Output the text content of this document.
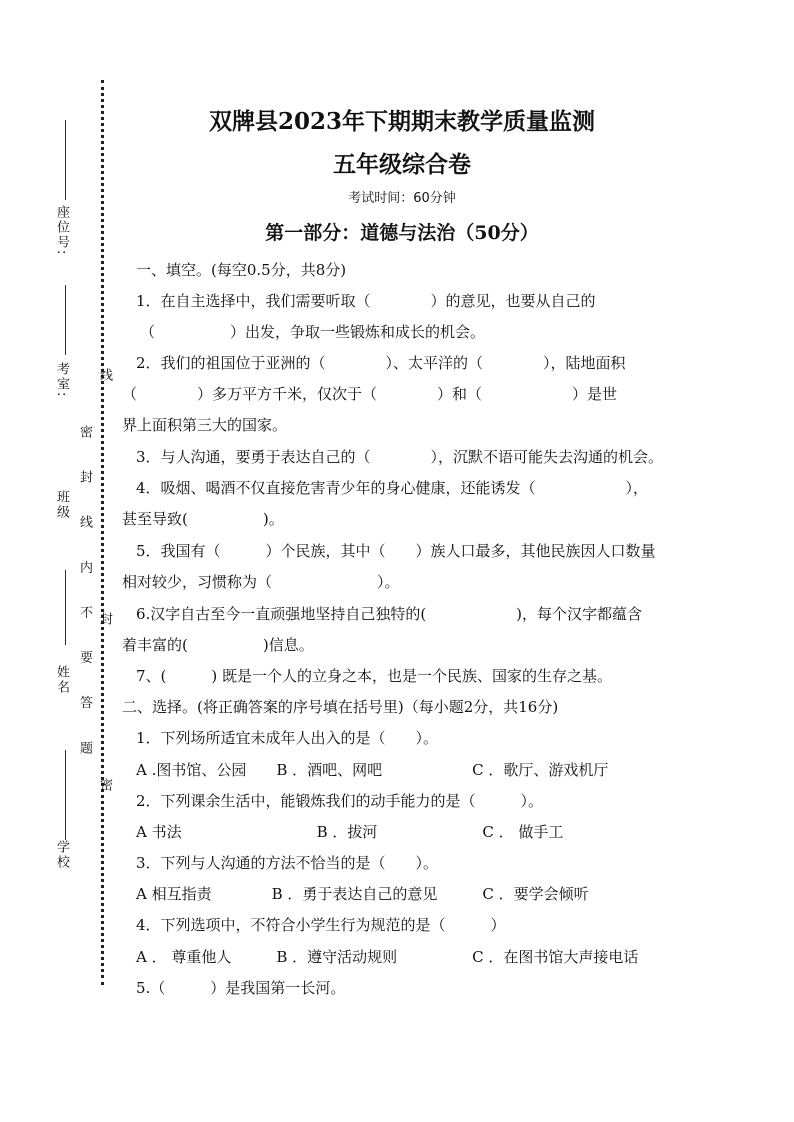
座位号:
考室:
班级
姓名
学校
密 封 线 内 不 要 答 题
线
封
密
双牌县2023年下期期末教学质量监测
五年级综合卷
考试时间：60分钟
第一部分：道德与法治（50分）
一、填空。(每空0.5分，共8分)
1．在自主选择中，我们需要听取（　　　　）的意见，也要从自己的
（　　　　　）出发，争取一些锻炼和成长的机会。
2．我们的祖国位于亚洲的（　　　　）、太平洋的（　　　　），陆地面积
（　　　　）多万平方千米，仅次于（　　　　）和（　　　　　　）是世
界上面积第三大的国家。
3．与人沟通，要勇于表达自己的（　　　　），沉默不语可能失去沟通的机会。
4．吸烟、喝酒不仅直接危害青少年的身心健康，还能诱发（　　　　　　），
甚至导致(　　　　　)。
5．我国有（　　　）个民族，其中（　　）族人口最多，其他民族因人口数量
相对较少，习惯称为（　　　　　　　）。
6.汉字自古至今一直顽强地坚持自己独特的(　　　　　　)，每个汉字都蕴含
着丰富的(　　　　　)信息。
7、(　　　) 既是一个人的立身之本，也是一个民族、国家的生存之基。
二、选择。(将正确答案的序号填在括号里)（每小题2分，共16分)
1．下列场所适宜未成年人出入的是（　　）。
A .图书馆、公园　　B ．酒吧、网吧　　　　　　C ．歌厅、游戏机厅
2．下列课余生活中，能锻炼我们的动手能力的是（　　　）。
A 书法　　　　　　　　　B ．拔河　　　　　　　C ． 做手工
3．下列与人沟通的方法不恰当的是（　　）。
A 相互指责　　　　B ．勇于表达自己的意见　　　C ．要学会倾听
4．下列选项中，不符合小学生行为规范的是（　　　）
A ． 尊重他人　　　B ．遵守活动规则　　　　　C ．在图书馆大声接电话
5.（　　　）是我国第一长河。
